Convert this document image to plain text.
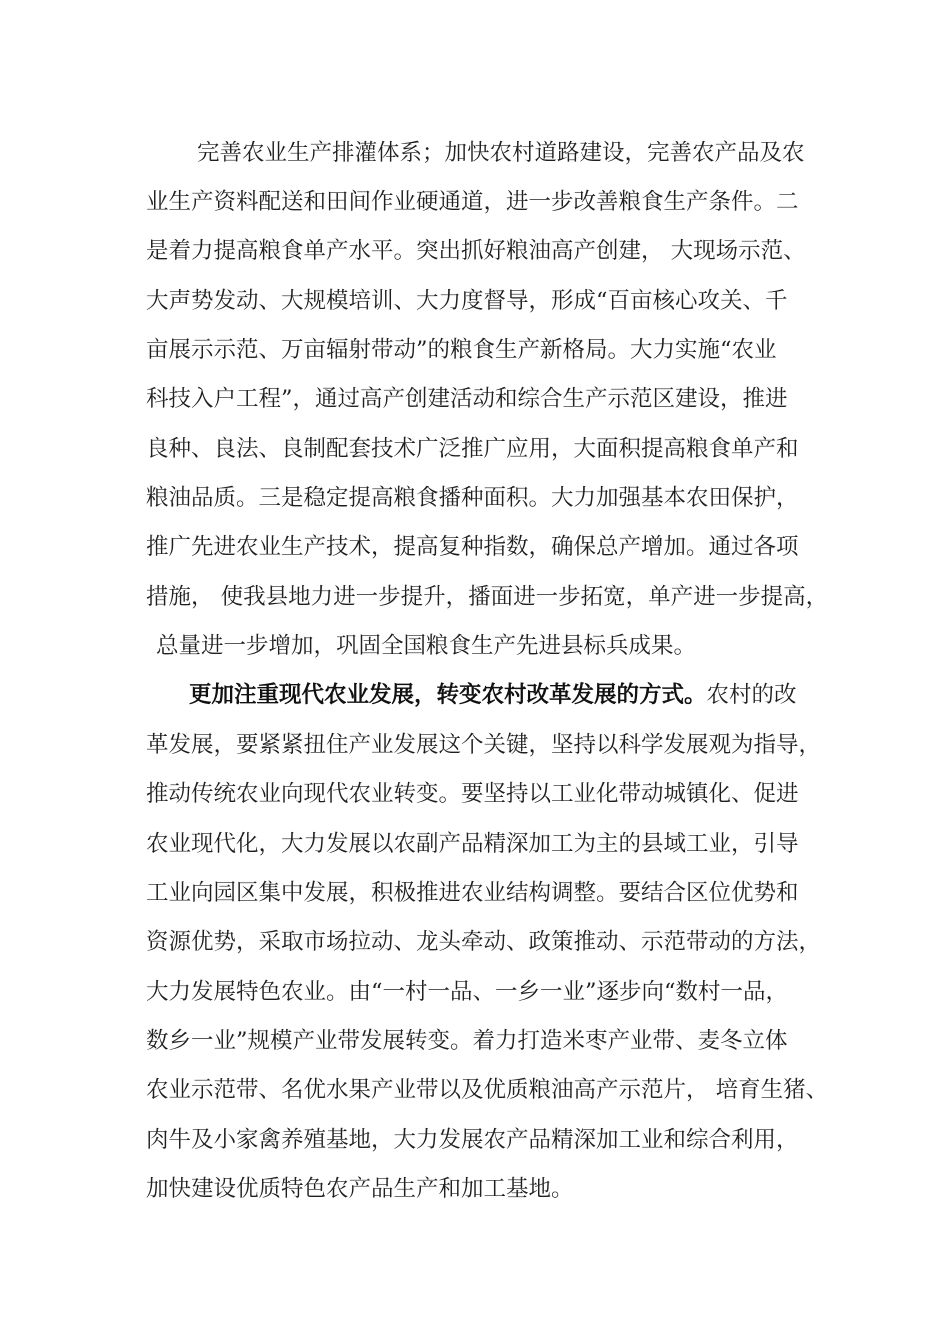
完善农业生产排灌体系；加快农村道路建设，完善农产品及农
业生产资料配送和田间作业硬通道，进一步改善粮食生产条件。二
是着力提高粮食单产水平。突出抓好粮油高产创建， 大现场示范、
大声势发动、大规模培训、大力度督导，形成“百亩核心攻关、千
亩展示示范、万亩辐射带动”的粮食生产新格局。大力实施“农业
科技入户工程”，通过高产创建活动和综合生产示范区建设，推进
良种、良法、良制配套技术广泛推广应用，大面积提高粮食单产和
粮油品质。三是稳定提高粮食播种面积。大力加强基本农田保护，
推广先进农业生产技术，提高复种指数，确保总产增加。通过各项
措施， 使我县地力进一步提升，播面进一步拓宽，单产进一步提高，
总量进一步增加，巩固全国粮食生产先进县标兵成果。
更加注重现代农业发展，转变农村改革发展的方式。农村的改
革发展，要紧紧扭住产业发展这个关键，坚持以科学发展观为指导，
推动传统农业向现代农业转变。要坚持以工业化带动城镇化、促进
农业现代化，大力发展以农副产品精深加工为主的县域工业，引导
工业向园区集中发展，积极推进农业结构调整。要结合区位优势和
资源优势，采取市场拉动、龙头牵动、政策推动、示范带动的方法，
大力发展特色农业。由“一村一品、一乡一业”逐步向“数村一品，
数乡一业”规模产业带发展转变。着力打造米枣产业带、麦冬立体
农业示范带、名优水果产业带以及优质粮油高产示范片， 培育生猪、
肉牛及小家禽养殖基地，大力发展农产品精深加工业和综合利用，
加快建设优质特色农产品生产和加工基地。
